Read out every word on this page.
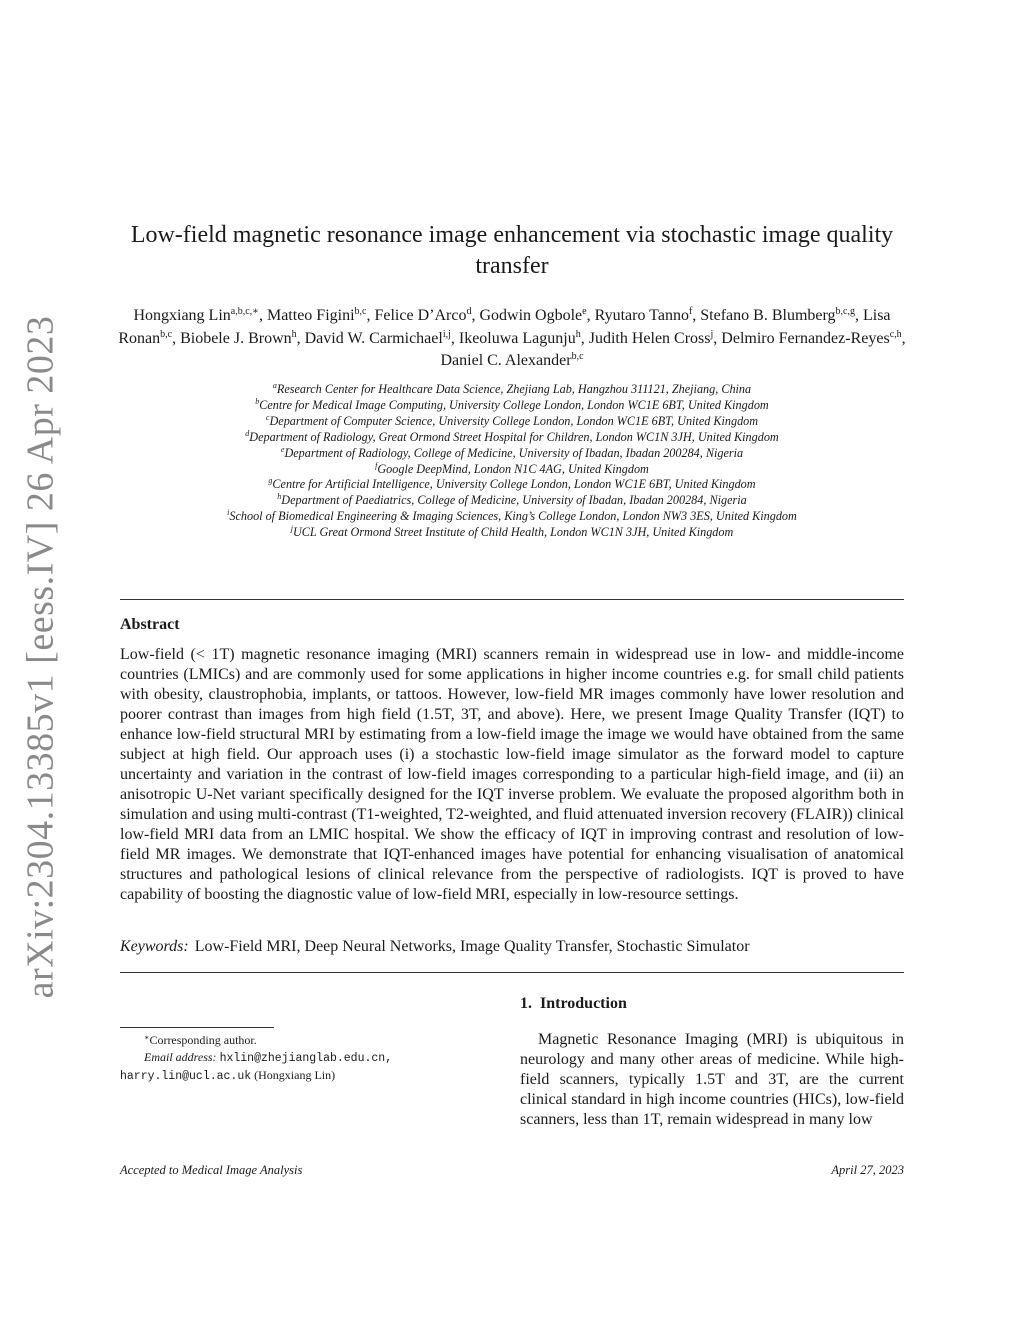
arXiv:2304.13385v1 [eess.IV] 26 Apr 2023
Low-field magnetic resonance image enhancement via stochastic image quality transfer
Hongxiang Lin$^{a,b,c,∗}$, Matteo Figini$^{b,c}$, Felice D’Arco$^d$, Godwin Ogbole$^e$, Ryutaro Tanno$^f$, Stefano B. Blumberg$^{b,c,g}$, Lisa Ronan$^{b,c}$, Biobele J. Brown$^h$, David W. Carmichael$^{i,j}$, Ikeoluwa Lagunju$^h$, Judith Helen Cross$^j$, Delmiro Fernandez-Reyes$^{c,h}$, Daniel C. Alexander$^{b,c}$
$^a$Research Center for Healthcare Data Science, Zhejiang Lab, Hangzhou 311121, Zhejiang, China
$^b$Centre for Medical Image Computing, University College London, London WC1E 6BT, United Kingdom
$^c$Department of Computer Science, University College London, London WC1E 6BT, United Kingdom
$^d$Department of Radiology, Great Ormond Street Hospital for Children, London WC1N 3JH, United Kingdom
$^e$Department of Radiology, College of Medicine, University of Ibadan, Ibadan 200284, Nigeria
$^f$Google DeepMind, London N1C 4AG, United Kingdom
$^g$Centre for Artificial Intelligence, University College London, London WC1E 6BT, United Kingdom
$^h$Department of Paediatrics, College of Medicine, University of Ibadan, Ibadan 200284, Nigeria
$^i$School of Biomedical Engineering & Imaging Sciences, King’s College London, London NW3 3ES, United Kingdom
$^j$UCL Great Ormond Street Institute of Child Health, London WC1N 3JH, United Kingdom
Abstract
Low-field (< 1T) magnetic resonance imaging (MRI) scanners remain in widespread use in low- and middle-income countries (LMICs) and are commonly used for some applications in higher income countries e.g. for small child patients with obesity, claustrophobia, implants, or tattoos. However, low-field MR images commonly have lower resolution and poorer contrast than images from high field (1.5T, 3T, and above). Here, we present Image Quality Transfer (IQT) to enhance low-field structural MRI by estimating from a low-field image the image we would have obtained from the same subject at high field. Our approach uses (i) a stochastic low-field image simulator as the forward model to capture uncertainty and variation in the contrast of low-field images corresponding to a particular high-field image, and (ii) an anisotropic U-Net variant specifically designed for the IQT inverse problem. We evaluate the proposed algorithm both in simulation and using multi-contrast (T1-weighted, T2-weighted, and fluid attenuated inversion recovery (FLAIR)) clinical low-field MRI data from an LMIC hospital. We show the efficacy of IQT in improving contrast and resolution of low-field MR images. We demonstrate that IQT-enhanced images have potential for enhancing visualisation of anatomical structures and pathological lesions of clinical relevance from the perspective of radiologists. IQT is proved to have capability of boosting the diagnostic value of low-field MRI, especially in low-resource settings.
Keywords: Low-Field MRI, Deep Neural Networks, Image Quality Transfer, Stochastic Simulator
1. Introduction
Magnetic Resonance Imaging (MRI) is ubiquitous in neurology and many other areas of medicine. While high-field scanners, typically 1.5T and 3T, are the current clinical standard in high income countries (HICs), low-field scanners, less than 1T, remain widespread in many low
∗Corresponding author.
Email address: hxlin@zhejianglab.edu.cn,
harry.lin@ucl.ac.uk (Hongxiang Lin)
Accepted to Medical Image Analysis	April 27, 2023
